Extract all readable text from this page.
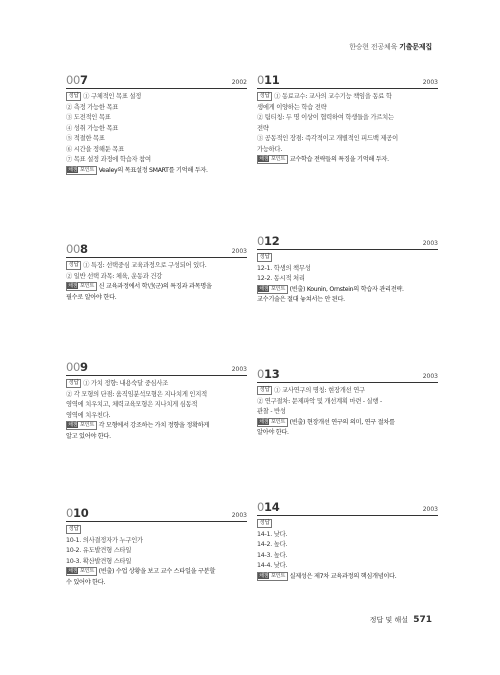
한승현 전공체육 기출문제집
007	2002
정답 ① 구체적인 목표 설정
② 측정 가능한 목표
③ 도전적인 목표
④ 성취 가능한 목표
⑤ 적절한 목표
⑥ 시간을 정해둔 목표
⑦ 목표 설정 과정에 학습자 참여
채점 포인트 Vealey의 목표설정 SMART를 기억해 두자.
011	2003
정답 ① 동료교수: 교사의 교수기능 책임을 동료 학
생에게 이양하는 학습 전략
② 팀티칭: 두 명 이상이 협력하여 학생들을 가르치는
전략
③ 공동적인 장점: 즉각적이고 개별적인 피드백 제공이
가능하다.
채점 포인트 교수학습 전략들의 특징을 기억해 두자.
008	2003
정답 ① 특징: 선택중심 교육과정으로 구성되어 있다.
② 일반 선택 과목: 체육, 운동과 건강
채점 포인트 신 교육과정에서 학년(군)의 특징과 과목명을
필수로 알아야 한다.
012	2003
정답
12-1. 학생의 책무성
12-2. 동시적 처리
채점 포인트 (빈출) Kounin, Ornstein의 학습자 관리전략.
교수기술은 절대 놓쳐서는 안 된다.
009	2003
정답 ① 가치 정향: 내용숙달 중심사조
② 각 모형의 단점: 움직임분석모형은 지나치게 인지적
영역에 치우치고, 체력교육모형은 지나치게 심동적
영역에 치우친다.
채점 포인트 각 모형에서 강조하는 가치 정향을 정확하게
알고 있어야 한다.
013	2003
정답 ① 교사연구의 명칭: 현장개선 연구
② 연구절차: 문제파악 및 개선계획 마련 - 실행 -
관찰 - 반성
채점 포인트 (빈출) 현장개선 연구의 의미, 연구 절차를
알아야 한다.
010	2003
정답
10-1. 의사결정자가 누구인가
10-2. 유도발견형 스타일
10-3. 확산발견형 스타일
채점 포인트 (빈출) 수업 상황을 보고 교수 스타일을 구분할
수 있어야 한다.
014	2003
정답
14-1. 낮다.
14-2. 높다.
14-3. 높다.
14-4. 낮다.
채점 포인트 실제성은 제7차 교육과정의 핵심개념이다.
정답 및 해설 571
